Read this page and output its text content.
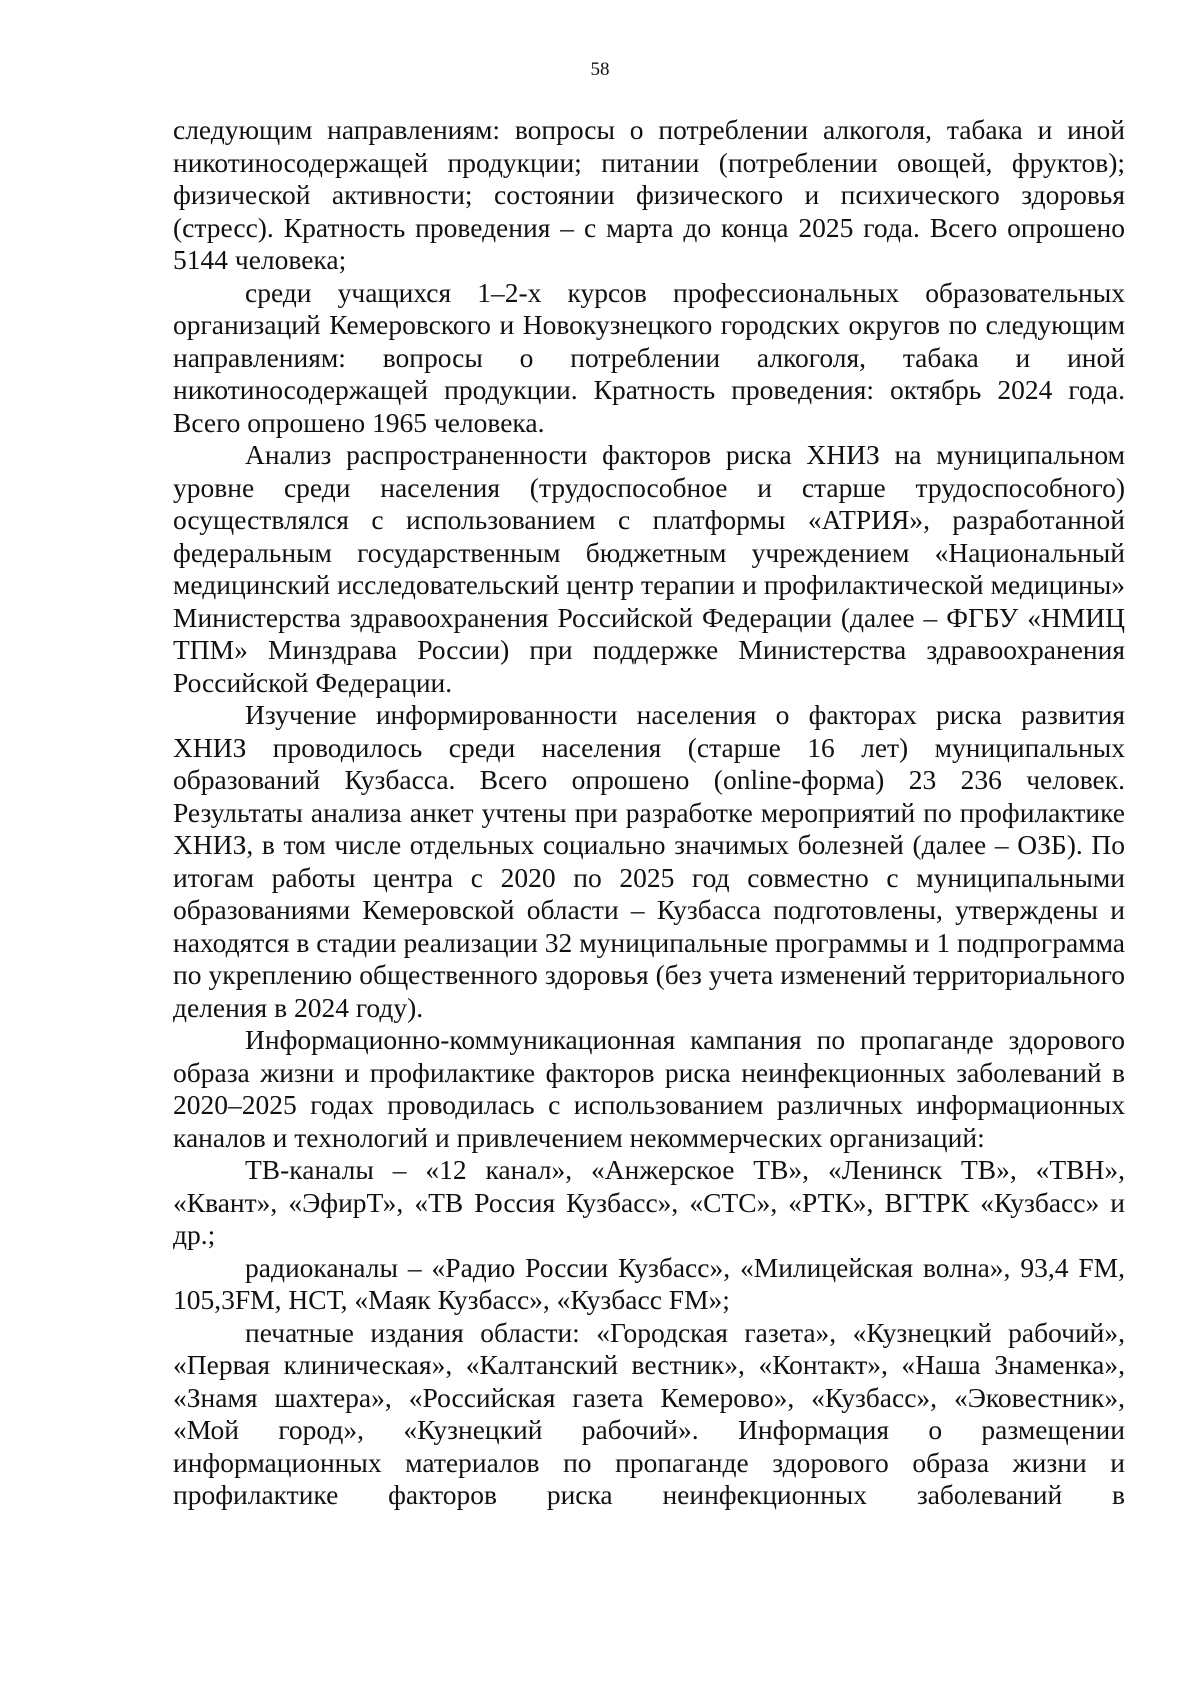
58

следующим направлениям: вопросы о потреблении алкоголя, табака и иной никотиносодержащей продукции; питании (потреблении овощей, фруктов); физической активности; состоянии физического и психического здоровья (стресс). Кратность проведения – с марта до конца 2025 года. Всего опрошено 5144 человека;

среди учащихся 1–2-х курсов профессиональных образовательных организаций Кемеровского и Новокузнецкого городских округов по следующим направлениям: вопросы о потреблении алкоголя, табака и иной никотиносодержащей продукции. Кратность проведения: октябрь 2024 года. Всего опрошено 1965 человека.

Анализ распространенности факторов риска ХНИЗ на муниципальном уровне среди населения (трудоспособное и старше трудоспособного) осуществлялся с использованием с платформы «АТРИЯ», разработанной федеральным государственным бюджетным учреждением «Национальный медицинский исследовательский центр терапии и профилактической медицины» Министерства здравоохранения Российской Федерации (далее – ФГБУ «НМИЦ ТПМ» Минздрава России) при поддержке Министерства здравоохранения Российской Федерации.

Изучение информированности населения о факторах риска развития ХНИЗ проводилось среди населения (старше 16 лет) муниципальных образований Кузбасса. Всего опрошено (online-форма) 23 236 человек. Результаты анализа анкет учтены при разработке мероприятий по профилактике ХНИЗ, в том числе отдельных социально значимых болезней (далее – ОЗБ). По итогам работы центра с 2020 по 2025 год совместно с муниципальными образованиями Кемеровской области – Кузбасса подготовлены, утверждены и находятся в стадии реализации 32 муниципальные программы и 1 подпрограмма по укреплению общественного здоровья (без учета изменений территориального деления в 2024 году).

Информационно-коммуникационная кампания по пропаганде здорового образа жизни и профилактике факторов риска неинфекционных заболеваний в 2020–2025 годах проводилась с использованием различных информационных каналов и технологий и привлечением некоммерческих организаций:

ТВ-каналы – «12 канал», «Анжерское ТВ», «Ленинск ТВ», «ТВН», «Квант», «ЭфирТ», «ТВ Россия Кузбасс», «СТС», «РТК», ВГТРК «Кузбасс» и др.;

радиоканалы – «Радио России Кузбасс», «Милицейская волна», 93,4 FM, 105,3FM, НСТ, «Маяк Кузбасс», «Кузбасс FM»;

печатные издания области: «Городская газета», «Кузнецкий рабочий», «Первая клиническая», «Калтанский вестник», «Контакт», «Наша Знаменка», «Знамя шахтера», «Российская газета Кемерово», «Кузбасс», «Эковестник», «Мой город», «Кузнецкий рабочий». Информация о размещении информационных материалов по пропаганде здорового образа жизни и профилактике факторов риска неинфекционных заболеваний в
